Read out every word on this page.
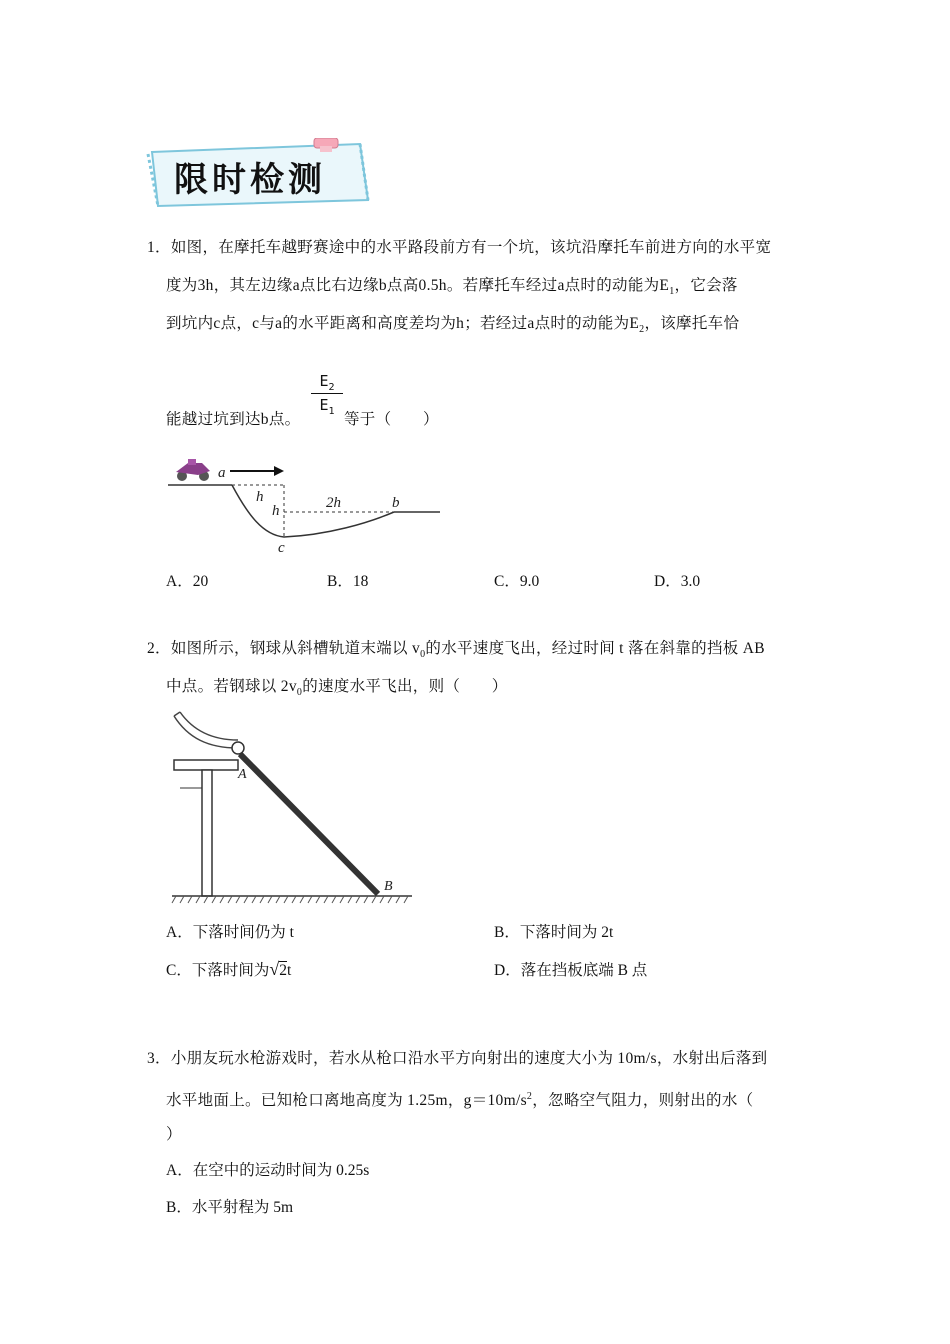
限时检测
1．如图，在摩托车越野赛途中的水平路段前方有一个坑，该坑沿摩托车前进方向的水平宽
度为3h，其左边缘a点比右边缘b点高0.5h。若摩托车经过a点时的动能为$E_1$，它会落
到坑内c点，c与a的水平距离和高度差均为h；若经过a点时的动能为$E_2$，该摩托车恰
能越过坑到达b点。
$E_2$
$E_1$ 等于（　　）
a
h
h	2h	b
c
A．20	B．18	C．9.0	D．3.0
2．如图所示，钢球从斜槽轨道末端以 $v_0$的水平速度飞出，经过时间 t 落在斜靠的挡板 AB
中点。若钢球以 $2v_0$的速度水平飞出，则（　　）
A
B
A．下落时间仍为 t	B．下落时间为 2t
C．下落时间为√2t	D．落在挡板底端 B 点
3．小朋友玩水枪游戏时，若水从枪口沿水平方向射出的速度大小为 10m/s，水射出后落到
水平地面上。已知枪口离地高度为 1.25m，$g=10m/s^2$，忽略空气阻力，则射出的水（
）
A．在空中的运动时间为 0.25s
B．水平射程为 5m
